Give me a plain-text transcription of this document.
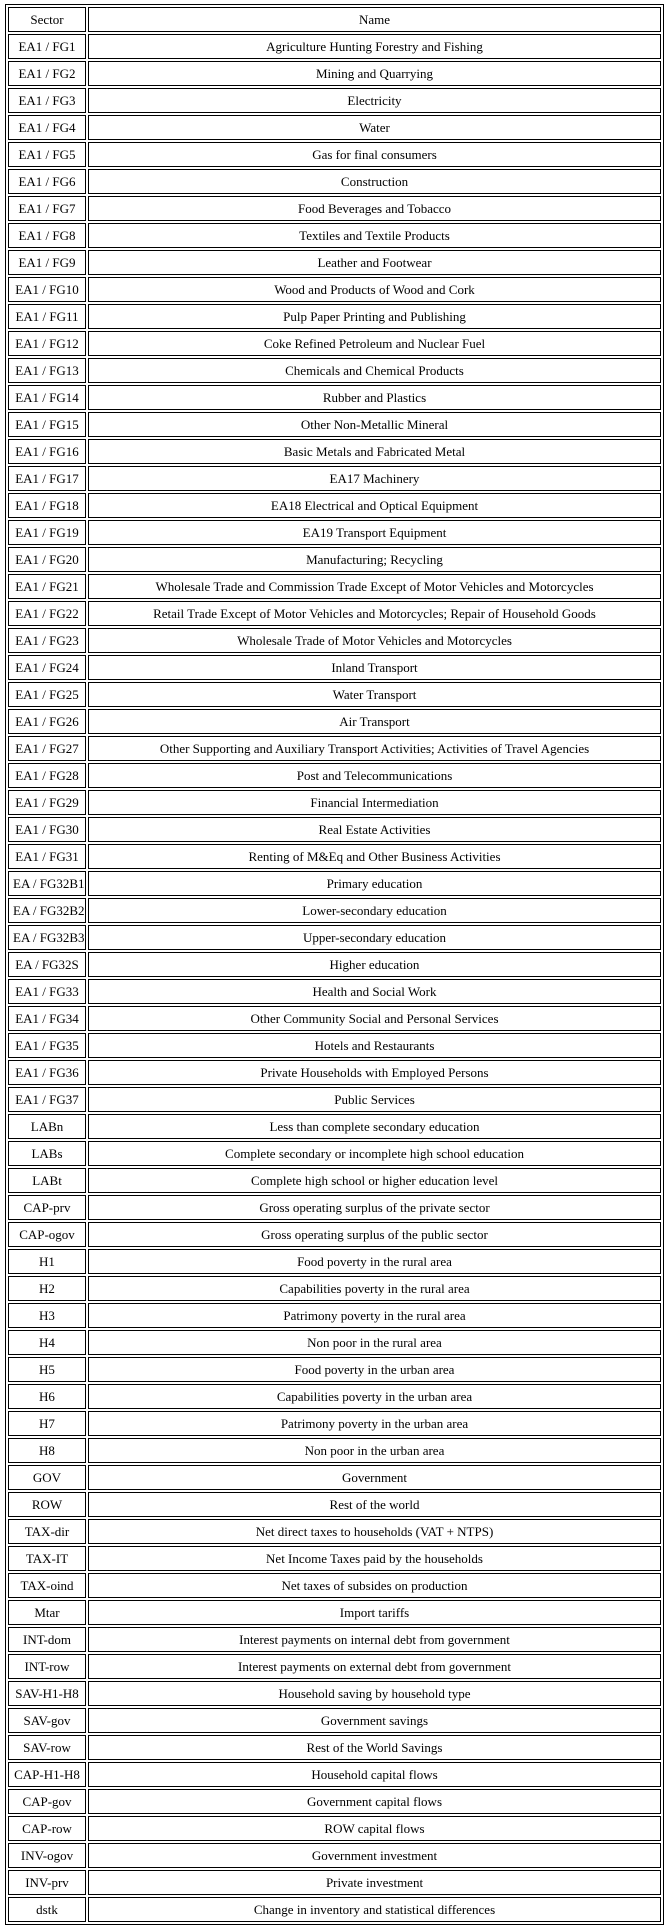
Sector	Name
EA1 / FG1	Agriculture Hunting Forestry and Fishing
EA1 / FG2	Mining and Quarrying
EA1 / FG3	Electricity
EA1 / FG4	Water
EA1 / FG5	Gas for final consumers
EA1 / FG6	Construction
EA1 / FG7	Food Beverages and Tobacco
EA1 / FG8	Textiles and Textile Products
EA1 / FG9	Leather and Footwear
EA1 / FG10	Wood and Products of Wood and Cork
EA1 / FG11	Pulp Paper Printing and Publishing
EA1 / FG12	Coke Refined Petroleum and Nuclear Fuel
EA1 / FG13	Chemicals and Chemical Products
EA1 / FG14	Rubber and Plastics
EA1 / FG15	Other Non-Metallic Mineral
EA1 / FG16	Basic Metals and Fabricated Metal
EA1 / FG17	EA17 Machinery
EA1 / FG18	EA18 Electrical and Optical Equipment
EA1 / FG19	EA19 Transport Equipment
EA1 / FG20	Manufacturing; Recycling
EA1 / FG21	Wholesale Trade and Commission Trade Except of Motor Vehicles and Motorcycles
EA1 / FG22	Retail Trade Except of Motor Vehicles and Motorcycles; Repair of Household Goods
EA1 / FG23	Wholesale Trade of Motor Vehicles and Motorcycles
EA1 / FG24	Inland Transport
EA1 / FG25	Water Transport
EA1 / FG26	Air Transport
EA1 / FG27	Other Supporting and Auxiliary Transport Activities; Activities of Travel Agencies
EA1 / FG28	Post and Telecommunications
EA1 / FG29	Financial Intermediation
EA1 / FG30	Real Estate Activities
EA1 / FG31	Renting of M&Eq and Other Business Activities
EA / FG32B1	Primary education
EA / FG32B2	Lower-secondary education
EA / FG32B3	Upper-secondary education
EA / FG32S	Higher education
EA1 / FG33	Health and Social Work
EA1 / FG34	Other Community Social and Personal Services
EA1 / FG35	Hotels and Restaurants
EA1 / FG36	Private Households with Employed Persons
EA1 / FG37	Public Services
LABn	Less than complete secondary education
LABs	Complete secondary or incomplete high school education
LABt	Complete high school or higher education level
CAP-prv	Gross operating surplus of the private sector
CAP-ogov	Gross operating surplus of the public sector
H1	Food poverty in the rural area
H2	Capabilities poverty in the rural area
H3	Patrimony poverty in the rural area
H4	Non poor in the rural area
H5	Food poverty in the urban area
H6	Capabilities poverty in the urban area
H7	Patrimony poverty in the urban area
H8	Non poor in the urban area
GOV	Government
ROW	Rest of the world
TAX-dir	Net direct taxes to households (VAT + NTPS)
TAX-IT	Net Income Taxes paid by the households
TAX-oind	Net taxes of subsides on production
Mtar	Import tariffs
INT-dom	Interest payments on internal debt from government
INT-row	Interest payments on external debt from government
SAV-H1-H8	Household saving by household type
SAV-gov	Government savings
SAV-row	Rest of the World Savings
CAP-H1-H8	Household capital flows
CAP-gov	Government capital flows
CAP-row	ROW capital flows
INV-ogov	Government investment
INV-prv	Private investment
dstk	Change in inventory and statistical differences
